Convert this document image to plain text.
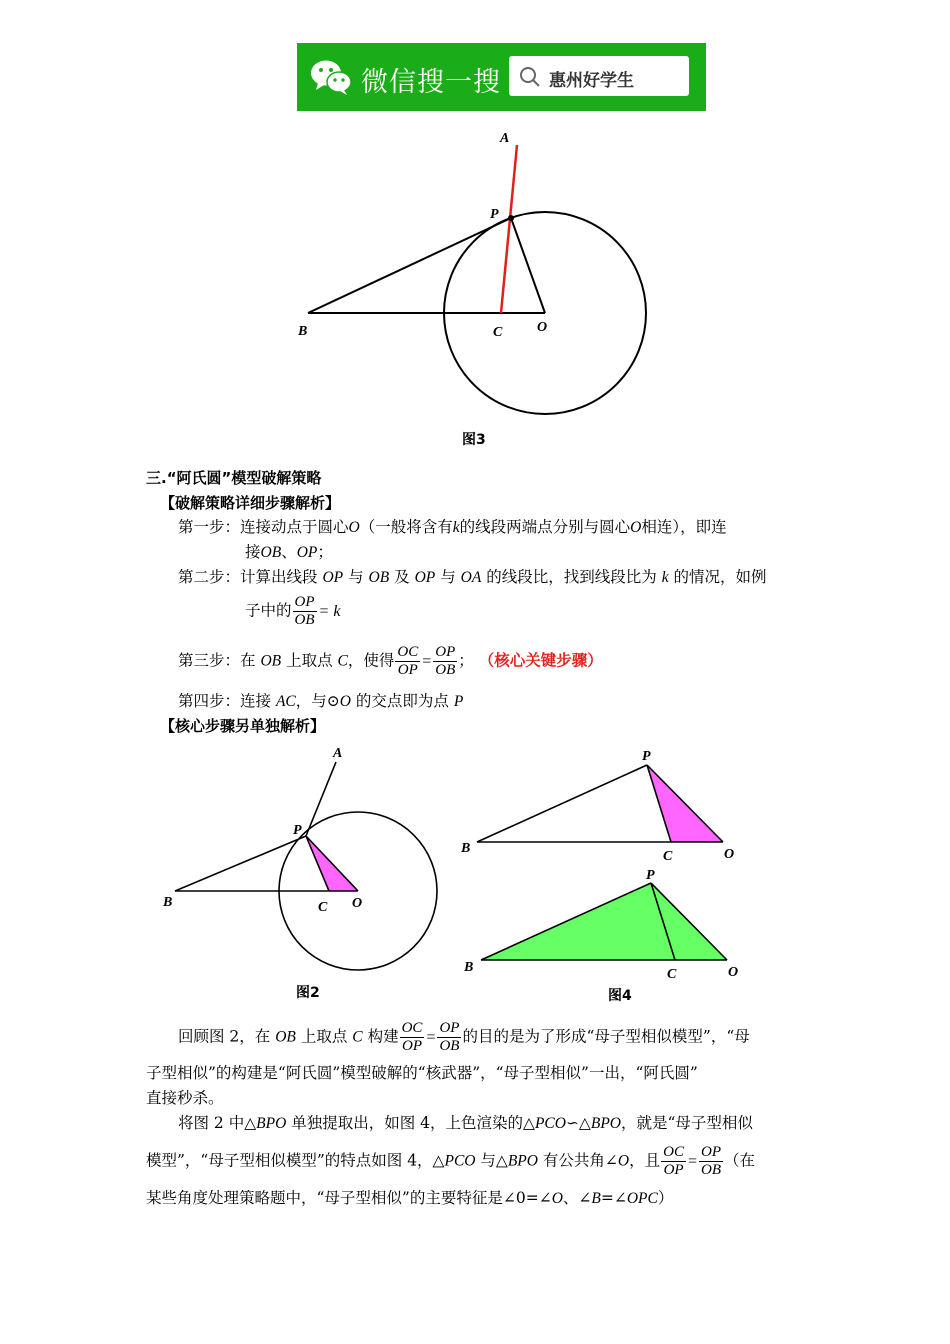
微信搜一搜	惠州好学生
A
P
B	C O
图3
三.“阿氏圆”模型破解策略
【破解策略详细步骤解析】
第一步：连接动点于圆心O（一般将含有k的线段两端点分别与圆心O相连），即连
接OB、OP；
第二步：计算出线段 OP 与 OB 及 OP 与 OA 的线段比，找到线段比为 k 的情况，如例
子中的 $\frac{OP}{OB} = k$
第三步：在 OB 上取点 C，使得 $\frac{OC}{OP} = \frac{OP}{OB}$ ； （核心关键步骤）
第四步：连接 AC，与⊙O 的交点即为点 P
【核心步骤另单独解析】
A
P
B	C O
图2
P
B
C	O
P
B	C	O
图4
回顾图 2，在 OB 上取点 C 构建 $\frac{OC}{OP} = \frac{OP}{OB}$ 的目的是为了形成“母子型相似模型”，“母
子型相似”的构建是“阿氏圆”模型破解的“核武器”，“母子型相似”一出，“阿氏圆”
直接秒杀。
将图 2 中△BPO 单独提取出，如图 4，上色渲染的△PCO∽△BPO，就是“母子型相似
模型”，“母子型相似模型”的特点如图 4，△PCO 与△BPO 有公共角∠O，且 $\frac{OC}{OP} = \frac{OP}{OB}$ （在
某些角度处理策略题中，“母子型相似”的主要特征是∠0=∠O、∠B=∠OPC）
